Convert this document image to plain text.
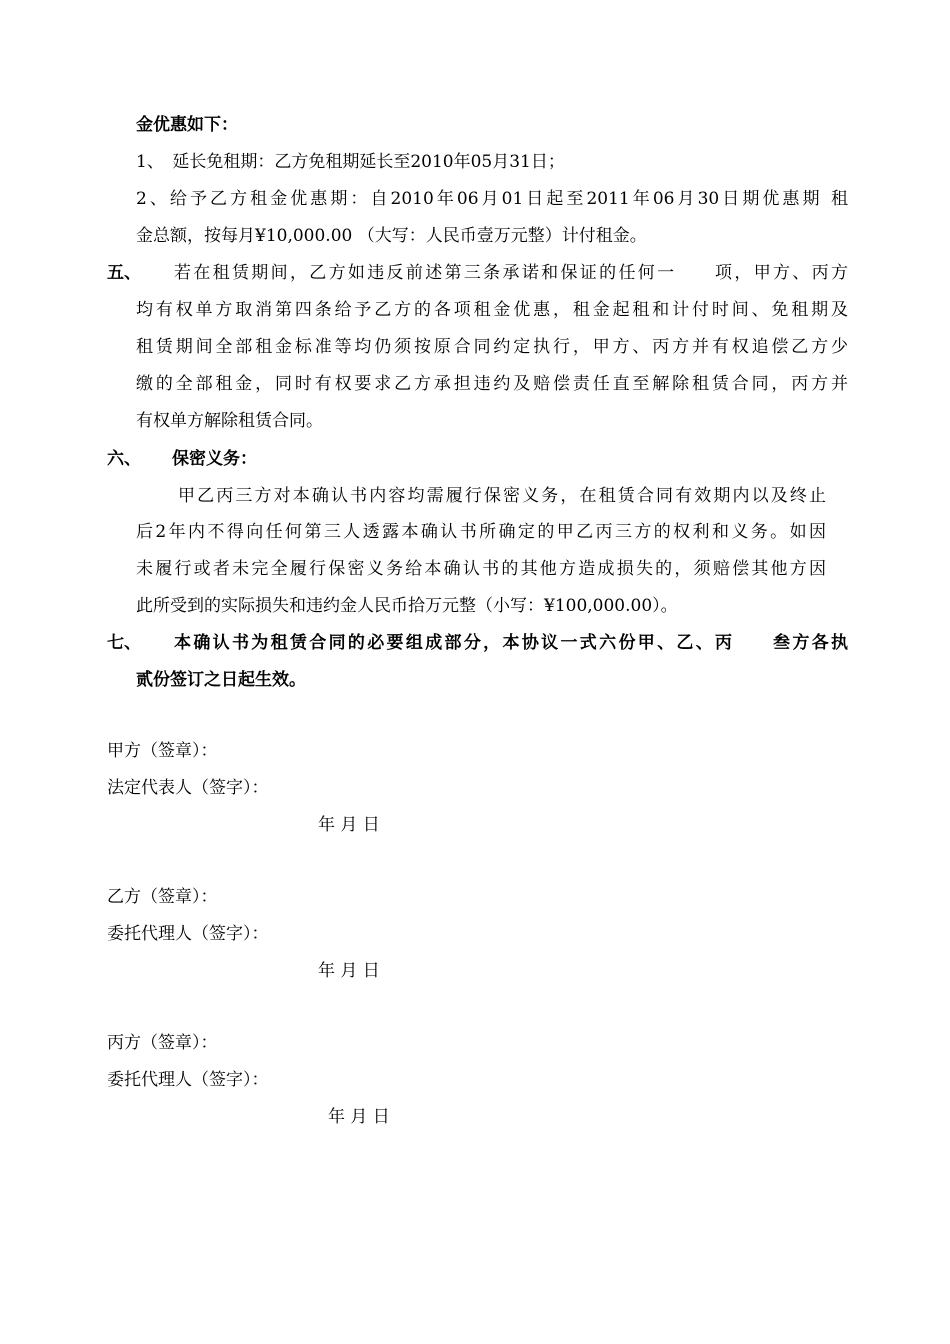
金优惠如下：
1、　延长免租期：乙方免租期延长至2010年05月31日；
2、给予乙方租金优惠期：自2010年06月01日起至2011年06月30日期优惠期 租
金总额，按每月¥10,000.00 （大写：人民币壹万元整）计付租金。
五、 若在租赁期间，乙方如违反前述第三条承诺和保证的任何一　　项，甲方、丙方
均有权单方取消第四条给予乙方的各项租金优惠，租金起租和计付时间、免租期及
租赁期间全部租金标准等均仍须按原合同约定执行，甲方、丙方并有权追偿乙方少
缴的全部租金，同时有权要求乙方承担违约及赔偿责任直至解除租赁合同，丙方并
有权单方解除租赁合同。
六、 保密义务：
甲乙丙三方对本确认书内容均需履行保密义务，在租赁合同有效期内以及终止
后2年内不得向任何第三人透露本确认书所确定的甲乙丙三方的权利和义务。如因
未履行或者未完全履行保密义务给本确认书的其他方造成损失的，须赔偿其他方因
此所受到的实际损失和违约金人民币拾万元整（小写：¥100,000.00）。
七、 本确认书为租赁合同的必要组成部分，本协议一式六份甲、乙、丙　　叁方各执
贰份签订之日起生效。
甲方（签章）：
法定代表人（签字）：
年 月 日
乙方（签章）：
委托代理人（签字）：
年 月 日
丙方（签章）：
委托代理人（签字）：
年 月 日
